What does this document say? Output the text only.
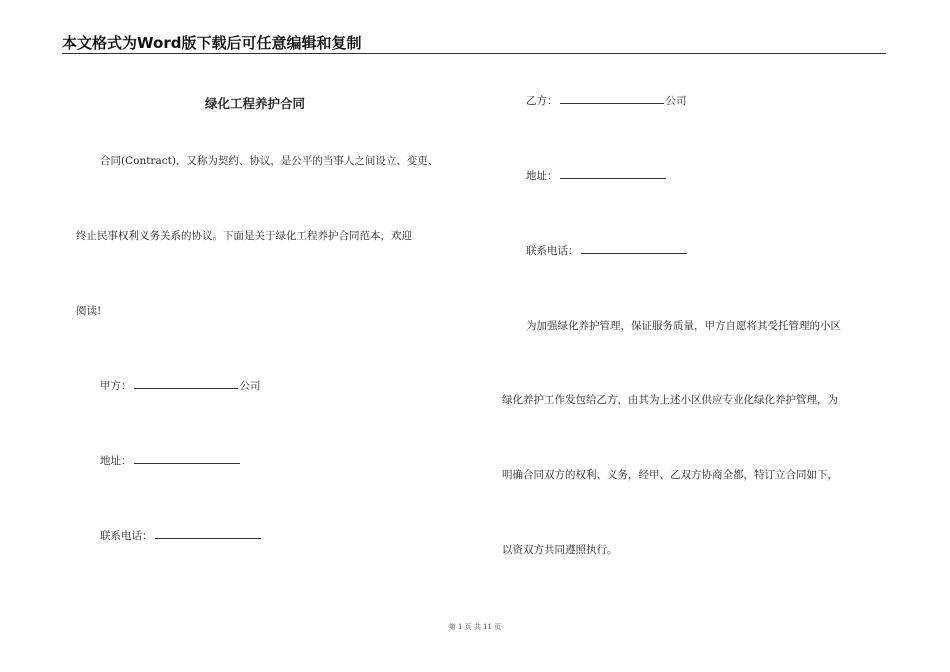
本文格式为Word版下载后可任意编辑和复制
绿化工程养护合同
合同(Contract)，又称为契约、协议，是公平的当事人之间设立、变更、
终止民事权利义务关系的协议。下面是关于绿化工程养护合同范本，欢迎
阅读!
甲方：	公司
地址：
联系电话：
乙方：	公司
地址：
联系电话：
为加强绿化养护管理，保证服务质量，甲方自愿将其受托管理的小区
绿化养护工作发包给乙方，由其为上述小区供应专业化绿化养护管理，为
明确合同双方的权利、义务，经甲、乙双方协商全都，特订立合同如下，
以资双方共同遵照执行。
第 1 页 共 11 页
